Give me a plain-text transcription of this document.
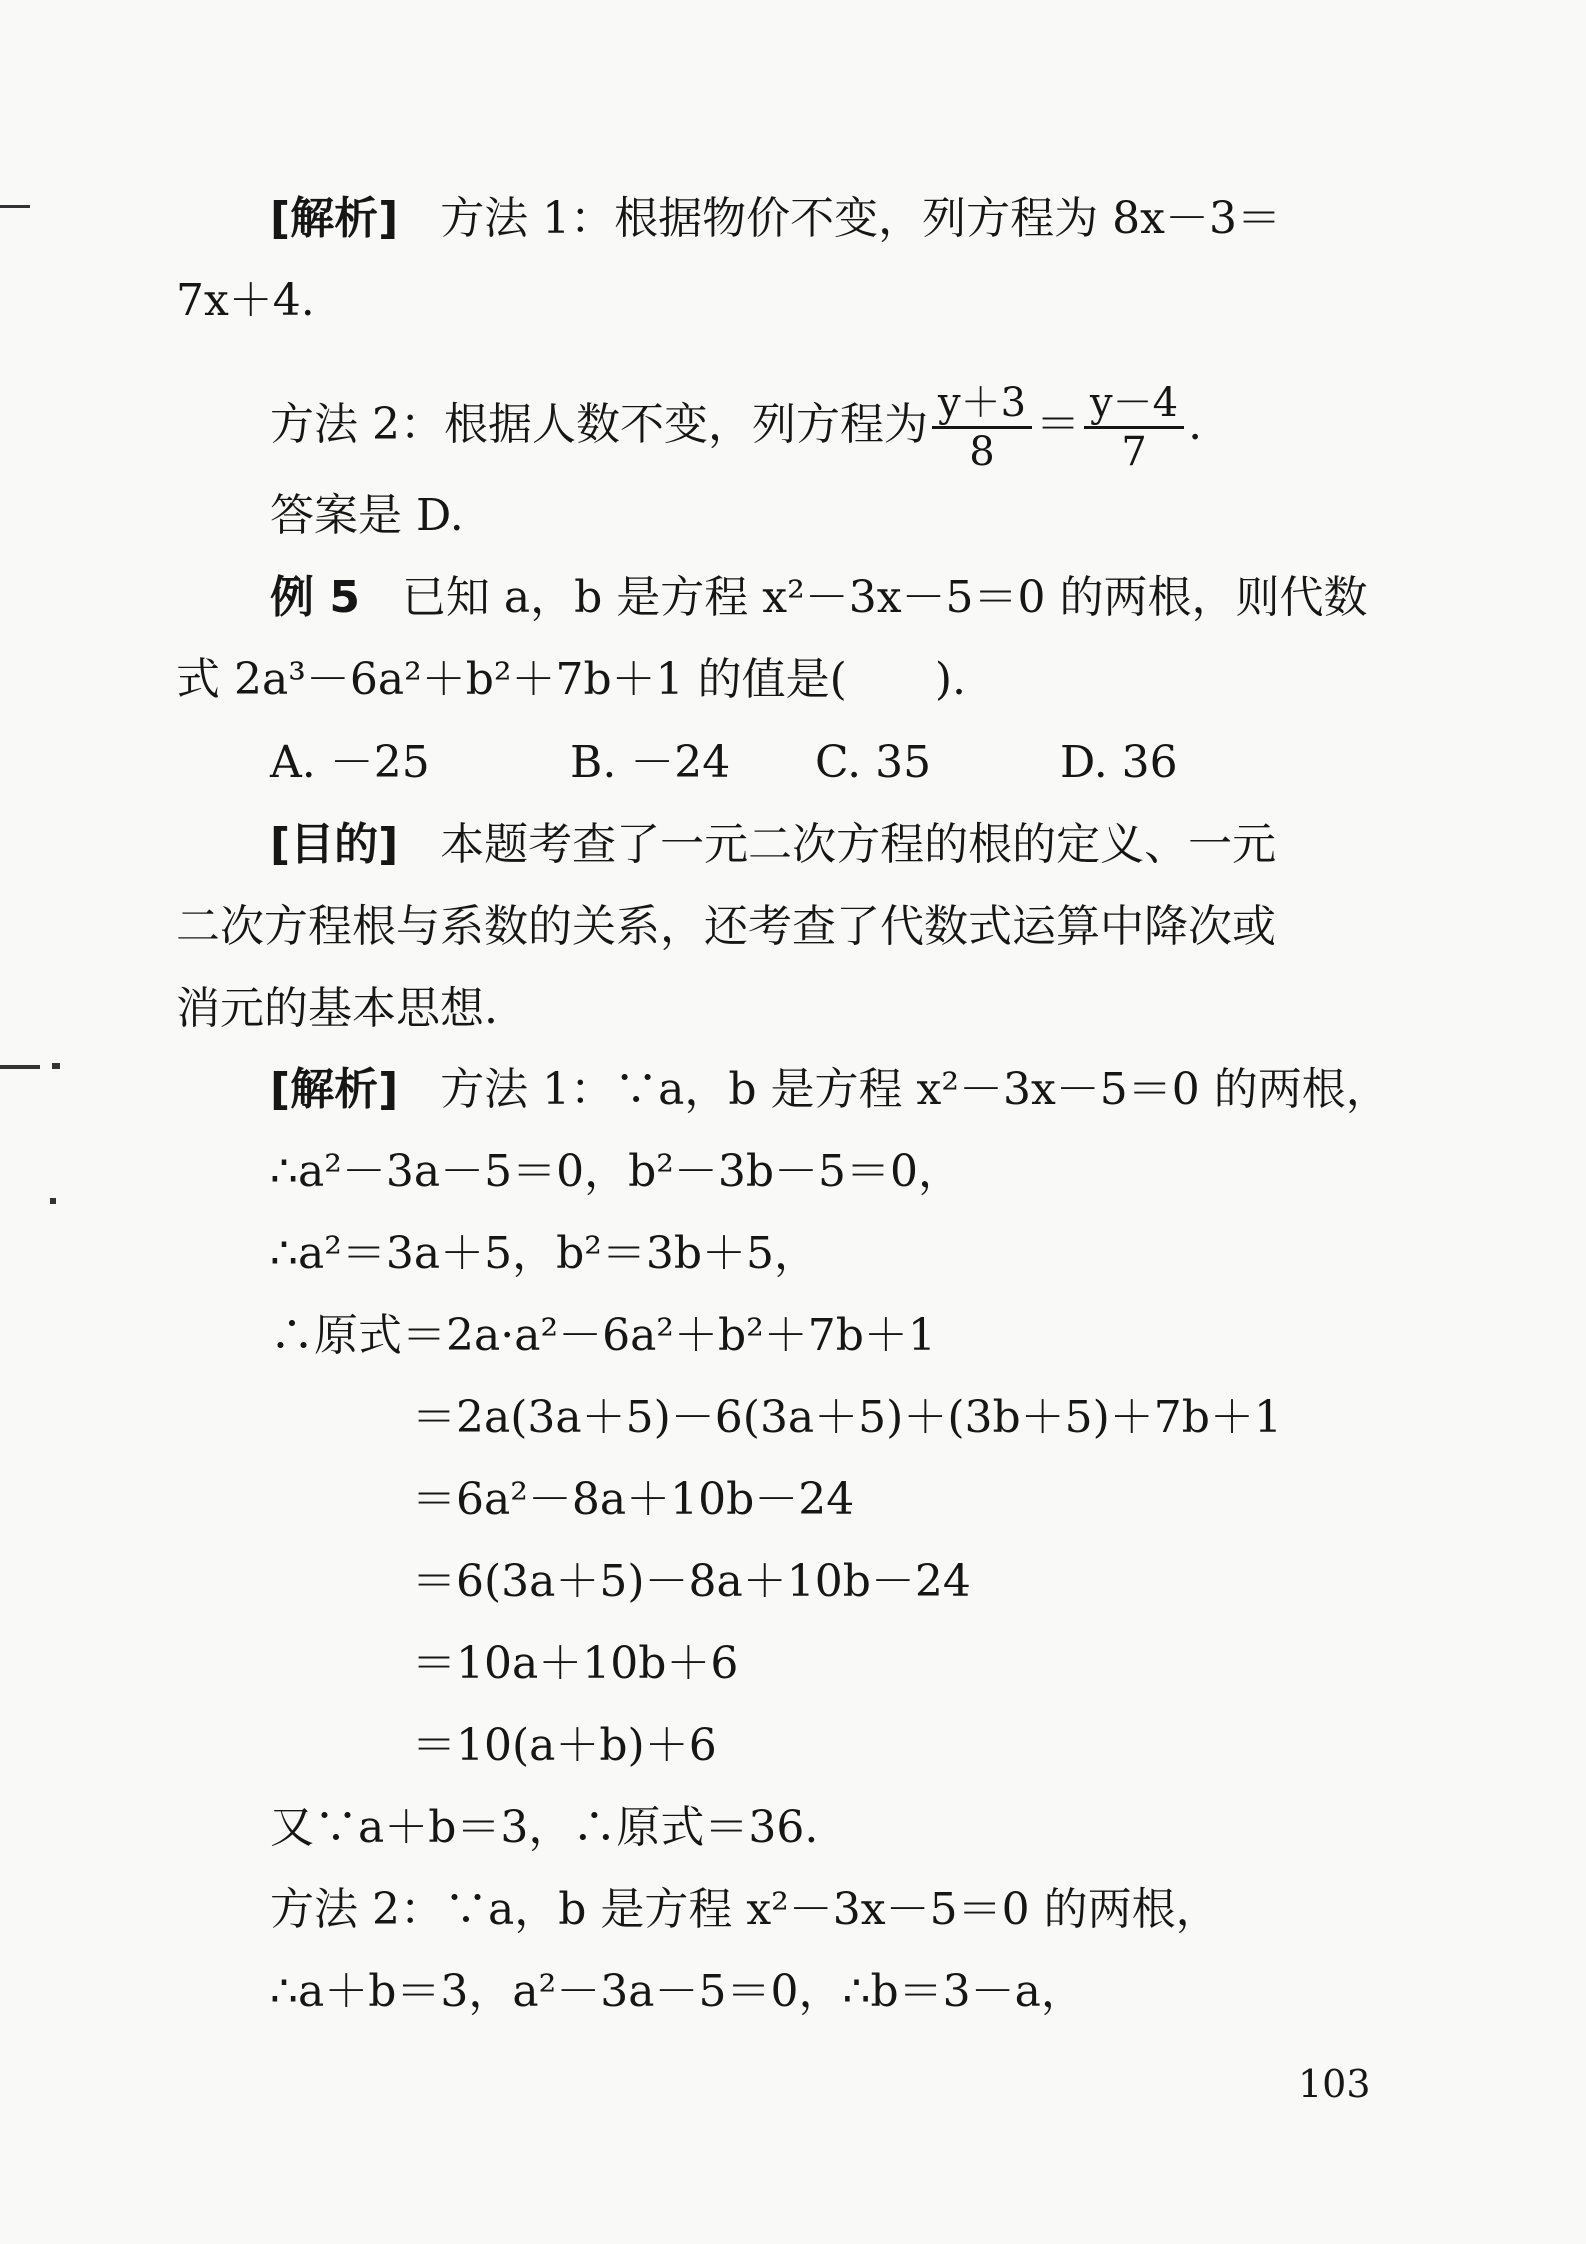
[解析] 方法 1：根据物价不变，列方程为 8x－3＝
7x＋4.
方法 2：根据人数不变，列方程为 $\frac{y+3}{8} = \frac{y-4}{7}$ .
答案是 D.
例 5 已知 a，b 是方程 x²－3x－5＝0 的两根，则代数
式 2a³－6a²＋b²＋7b＋1 的值是(　　).
A. －25	B. －24 C. 35	D. 36
[目的] 本题考查了一元二次方程的根的定义、一元
二次方程根与系数的关系，还考查了代数式运算中降次或
消元的基本思想.
[解析] 方法 1：∵a，b 是方程 x²－3x－5＝0 的两根，
∴a²－3a－5＝0，b²－3b－5＝0，
∴a²＝3a＋5，b²＝3b＋5，
∴原式＝2a·a²－6a²＋b²＋7b＋1
＝2a(3a＋5)－6(3a＋5)＋(3b＋5)＋7b＋1
＝6a²－8a＋10b－24
＝6(3a＋5)－8a＋10b－24
＝10a＋10b＋6
＝10(a＋b)＋6
又∵a＋b＝3，∴原式＝36.
方法 2：∵a，b 是方程 x²－3x－5＝0 的两根，
∴a＋b＝3，a²－3a－5＝0，∴b＝3－a，
103
